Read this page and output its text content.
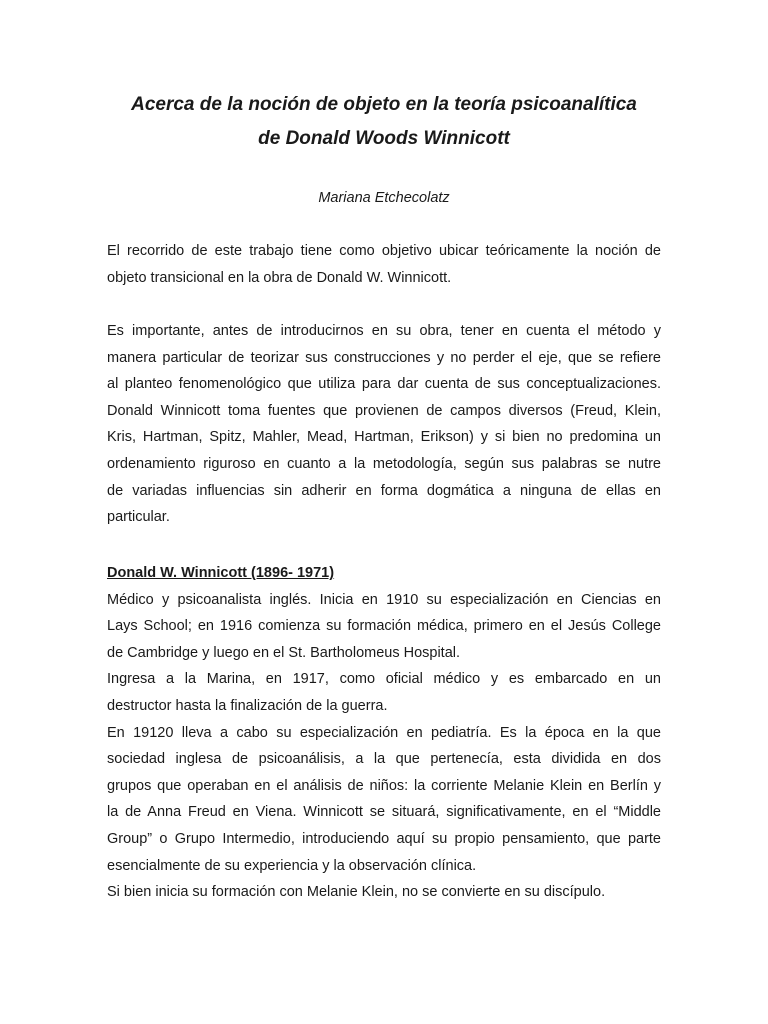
Acerca de la noción de objeto en la teoría psicoanalítica
de Donald Woods Winnicott
Mariana Etchecolatz
El recorrido de este trabajo tiene como objetivo ubicar teóricamente la noción de
objeto transicional en la obra de Donald W. Winnicott.
Es importante, antes de introducirnos en su obra, tener en cuenta el método y
manera particular de teorizar sus construcciones y no perder el eje, que se refiere
al planteo fenomenológico que utiliza para dar cuenta de sus conceptualizaciones.
Donald Winnicott toma fuentes que provienen de campos diversos (Freud, Klein,
Kris, Hartman, Spitz, Mahler, Mead, Hartman, Erikson) y si bien no predomina un
ordenamiento riguroso en cuanto a la metodología, según sus palabras se nutre
de variadas influencias sin adherir en forma dogmática a ninguna de ellas en
particular.
Donald W. Winnicott (1896- 1971)
Médico y psicoanalista inglés. Inicia en 1910 su especialización en Ciencias en
Lays School; en 1916 comienza su formación médica, primero en el Jesús College
de Cambridge y luego en el St. Bartholomeus Hospital.
Ingresa a la Marina, en 1917, como oficial médico y es embarcado en un
destructor hasta la finalización de la guerra.
En 19120 lleva a cabo su especialización en pediatría. Es la época en la que
sociedad inglesa de psicoanálisis, a la que pertenecía, esta dividida en dos
grupos que operaban en el análisis de niños: la corriente Melanie Klein en Berlín y
la de Anna Freud en Viena. Winnicott se situará, significativamente, en el “Middle
Group” o Grupo Intermedio, introduciendo aquí su propio pensamiento, que parte
esencialmente de su experiencia y la observación clínica.
Si bien inicia su formación con Melanie Klein, no se convierte en su discípulo.
